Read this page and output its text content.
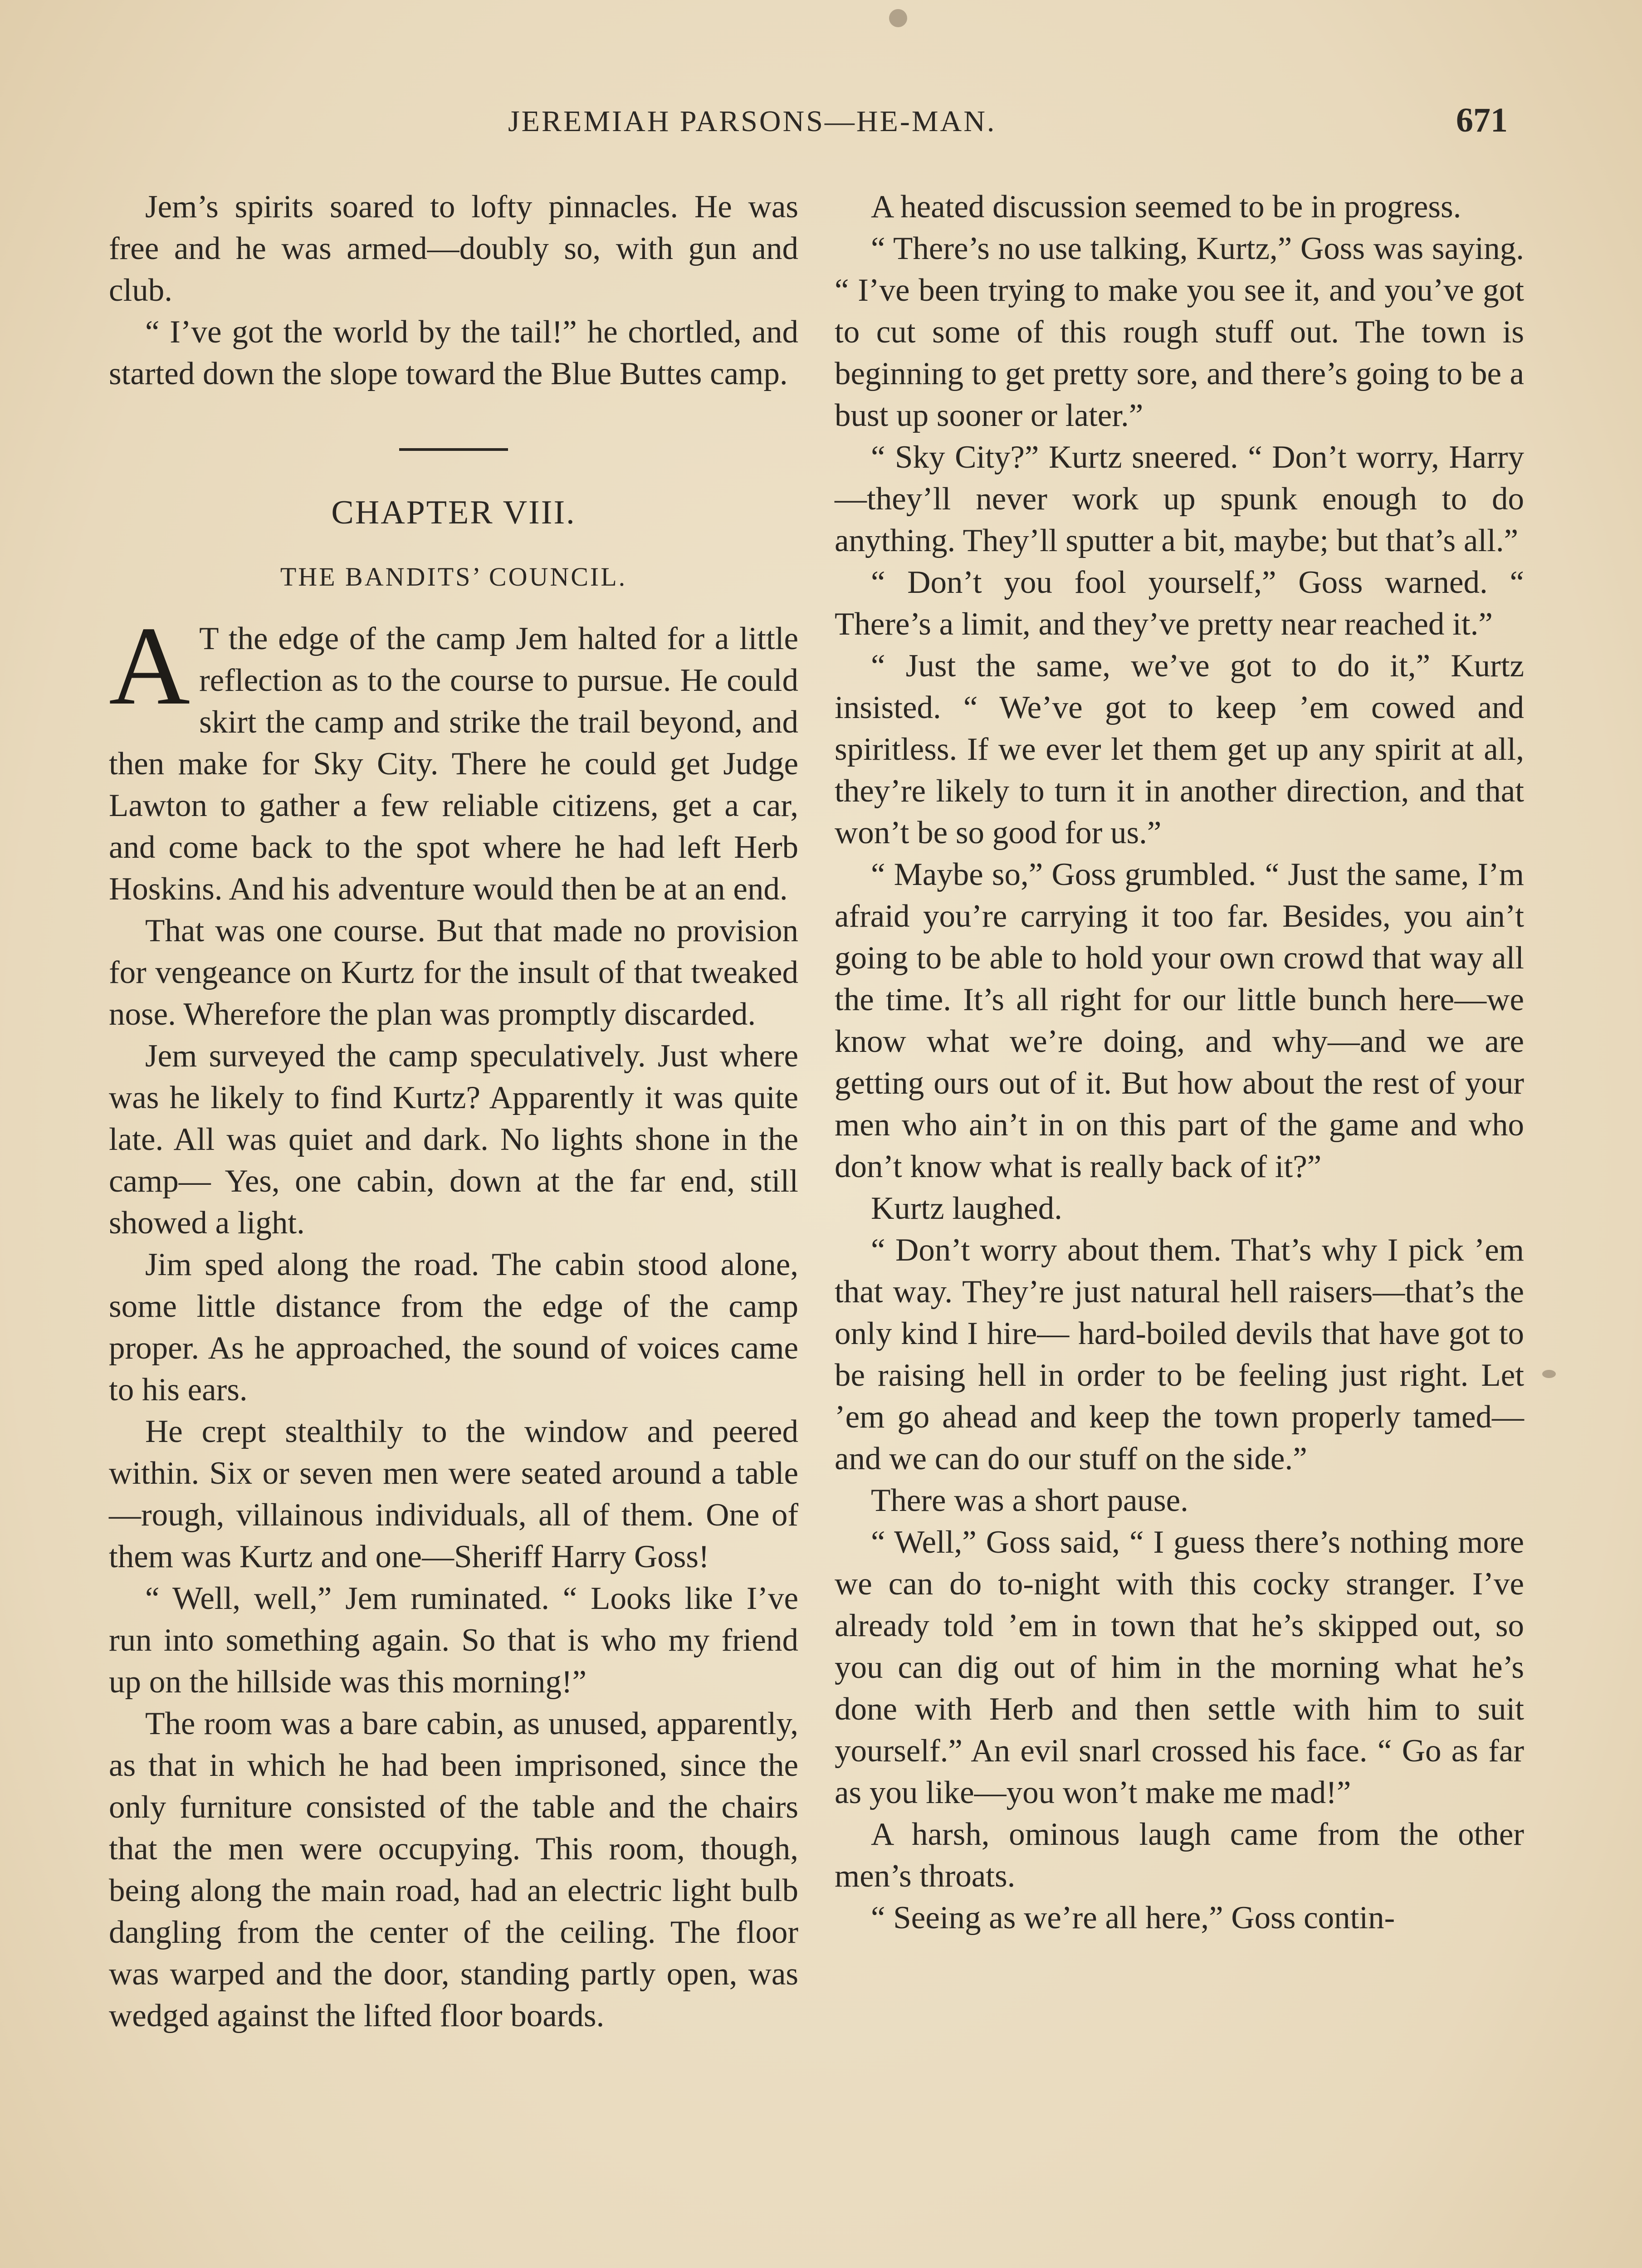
JEREMIAH PARSONS—HE-MAN.	671

Jem’s spirits soared to lofty pinnacles. He was free and he was armed—doubly so, with gun and club.

“ I’ve got the world by the tail!” he chortled, and started down the slope toward the Blue Buttes camp.

CHAPTER VIII.
THE BANDITS’ COUNCIL.

A T the edge of the camp Jem halted for a little reflection as to the course to pursue. He could skirt the camp and strike the trail beyond, and then make for Sky City. There he could get Judge Lawton to gather a few reliable citizens, get a car, and come back to the spot where he had left Herb Hoskins. And his adventure would then be at an end.

That was one course. But that made no provision for vengeance on Kurtz for the insult of that tweaked nose. Wherefore the plan was promptly discarded.

Jem surveyed the camp speculatively. Just where was he likely to find Kurtz? Apparently it was quite late. All was quiet and dark. No lights shone in the camp— Yes, one cabin, down at the far end, still showed a light.

Jim sped along the road. The cabin stood alone, some little distance from the edge of the camp proper. As he approached, the sound of voices came to his ears.

He crept stealthily to the window and peered within. Six or seven men were seated around a table—rough, villainous individuals, all of them. One of them was Kurtz and one—Sheriff Harry Goss!

“ Well, well,” Jem ruminated. “ Looks like I’ve run into something again. So that is who my friend up on the hillside was this morning!”

The room was a bare cabin, as unused, apparently, as that in which he had been imprisoned, since the only furniture consisted of the table and the chairs that the men were occupying. This room, though, being along the main road, had an electric light bulb dangling from the center of the ceiling. The floor was warped and the door, standing partly open, was wedged against the lifted floor boards.

A heated discussion seemed to be in progress.

“ There’s no use talking, Kurtz,” Goss was saying. “ I’ve been trying to make you see it, and you’ve got to cut some of this rough stuff out. The town is beginning to get pretty sore, and there’s going to be a bust up sooner or later.”

“ Sky City?” Kurtz sneered. “ Don’t worry, Harry—they’ll never work up spunk enough to do anything. They’ll sputter a bit, maybe; but that’s all.”

“ Don’t you fool yourself,” Goss warned. “ There’s a limit, and they’ve pretty near reached it.”

“ Just the same, we’ve got to do it,” Kurtz insisted. “ We’ve got to keep ’em cowed and spiritless. If we ever let them get up any spirit at all, they’re likely to turn it in another direction, and that won’t be so good for us.”

“ Maybe so,” Goss grumbled. “ Just the same, I’m afraid you’re carrying it too far. Besides, you ain’t going to be able to hold your own crowd that way all the time. It’s all right for our little bunch here—we know what we’re doing, and why—and we are getting ours out of it. But how about the rest of your men who ain’t in on this part of the game and who don’t know what is really back of it?”

Kurtz laughed.

“ Don’t worry about them. That’s why I pick ’em that way. They’re just natural hell raisers—that’s the only kind I hire— hard-boiled devils that have got to be raising hell in order to be feeling just right. Let ’em go ahead and keep the town properly tamed—and we can do our stuff on the side.”

There was a short pause.

“ Well,” Goss said, “ I guess there’s nothing more we can do to-night with this cocky stranger. I’ve already told ’em in town that he’s skipped out, so you can dig out of him in the morning what he’s done with Herb and then settle with him to suit yourself.” An evil snarl crossed his face. “ Go as far as you like—you won’t make me mad!”

A harsh, ominous laugh came from the other men’s throats.

“ Seeing as we’re all here,” Goss contin-
